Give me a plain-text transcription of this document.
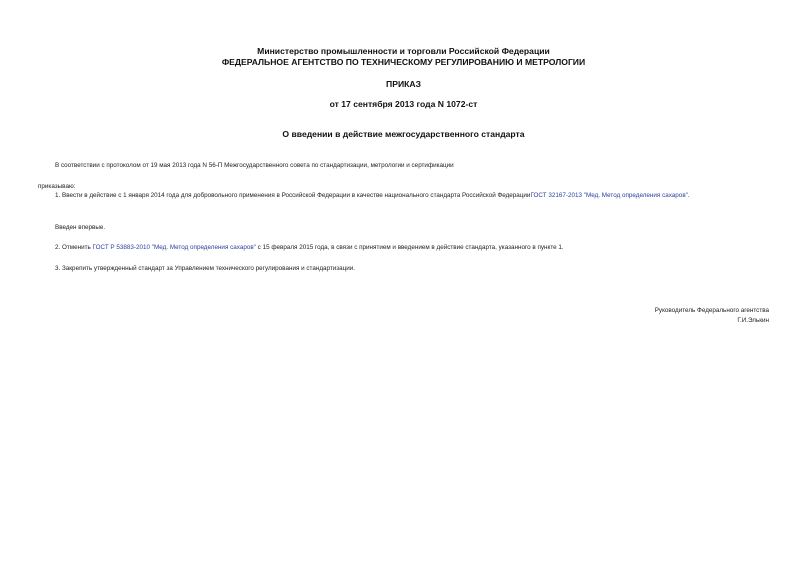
Министерство промышленности и торговли Российской Федерации
ФЕДЕРАЛЬНОЕ АГЕНТСТВО ПО ТЕХНИЧЕСКОМУ РЕГУЛИРОВАНИЮ И МЕТРОЛОГИИ
ПРИКАЗ
от 17 сентября 2013 года N 1072-ст
О введении в действие межгосударственного стандарта
В соответствии с протоколом от 19 мая 2013 года N 56-П Межгосударственного совета по стандартизации, метрологии и сертификации
приказываю:
1. Ввести в действие с 1 января 2014 года для добровольного применения в Российской Федерации в качестве национального стандарта Российской ФедерацииГОСТ 32167-2013 "Мед. Метод определения сахаров".
Введен впервые.
2. Отменить ГОСТ Р 53883-2010 "Мед. Метод определения сахаров" с 15 февраля 2015 года, в связи с принятием и введением в действие стандарта, указанного в пункте 1.
3. Закрепить утвержденный стандарт за Управлением технического регулирования и стандартизации.
Руководитель Федерального агентства
Г.И.Элькин
